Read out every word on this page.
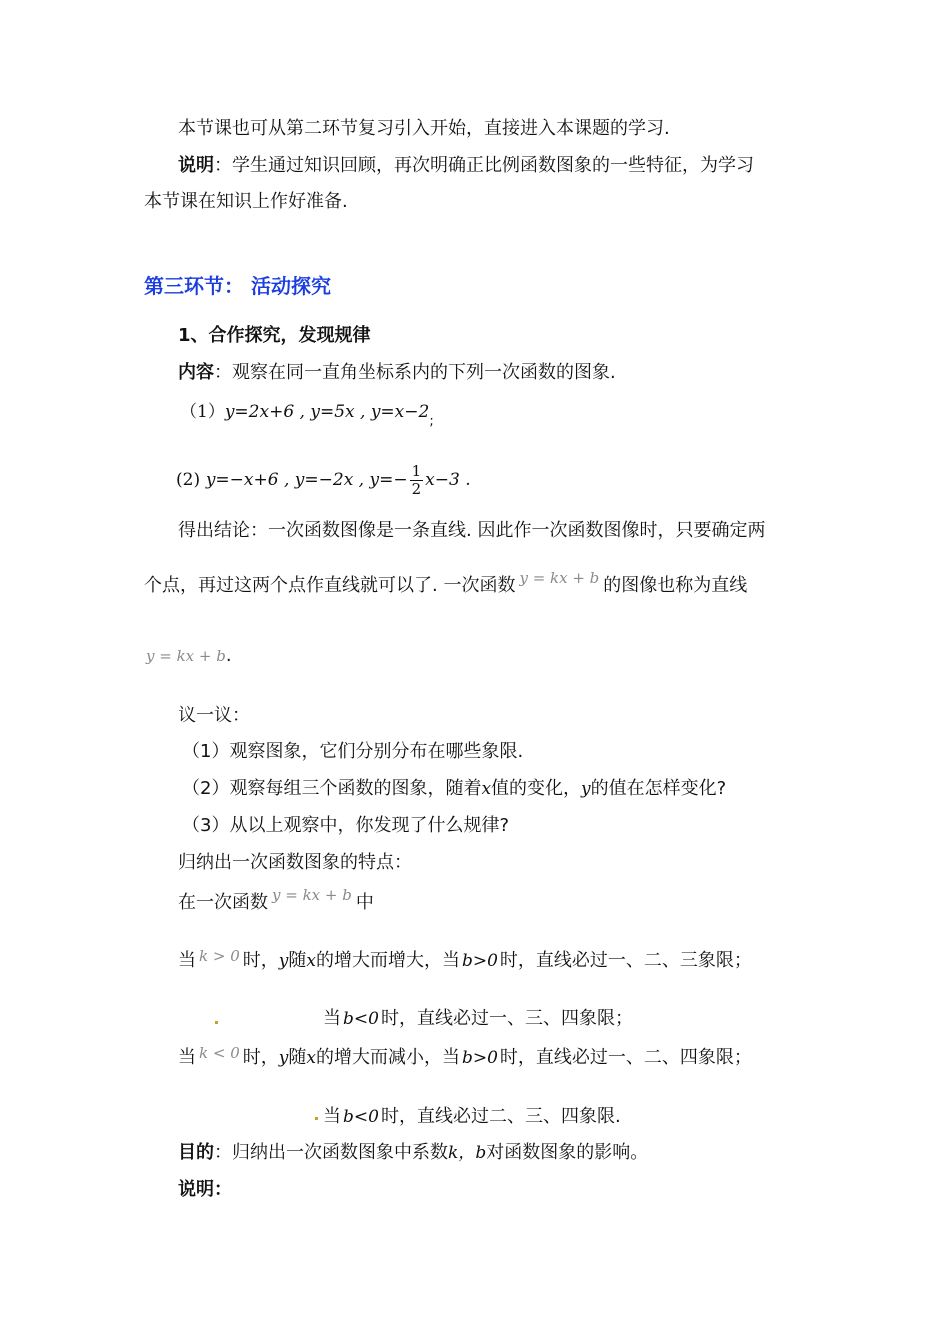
本节课也可从第二环节复习引入开始，直接进入本课题的学习.
说明：学生通过知识回顾，再次明确正比例函数图象的一些特征，为学习
本节课在知识上作好准备.
第三环节： 活动探究
1、合作探究，发现规律
内容：观察在同一直角坐标系内的下列一次函数的图象.
（1）y=2x+6 , y=5x , $y=x-2_;$
(2) y=−x+6 , y=−2x , $y=- \frac{1}{2} x-3$ .
得出结论：一次函数图像是一条直线. 因此作一次函数图像时，只要确定两
个点，再过这两个点作直线就可以了. 一次函数 $^{y = kx + b}$ 的图像也称为直线
y = kx + b.
议一议：
（1）观察图象，它们分别分布在哪些象限.
（2）观察每组三个函数的图象，随着x值的变化，y的值在怎样变化?
（3）从以上观察中，你发现了什么规律?
归纳出一次函数图象的特点：
在一次函数 $^{y = kx + b}$ 中
当 $^{k > 0}$ 时，y随x的增大而增大，当 b>0 时，直线必过一、二、三象限；
当 b<0 时，直线必过一、三、四象限；
当 $^{k < 0}$ 时，y随x的增大而减小，当 b>0 时，直线必过一、二、四象限；
当 b<0 时，直线必过二、三、四象限.
目的：归纳出一次函数图象中系数k，b对函数图象的影响。
说明：
